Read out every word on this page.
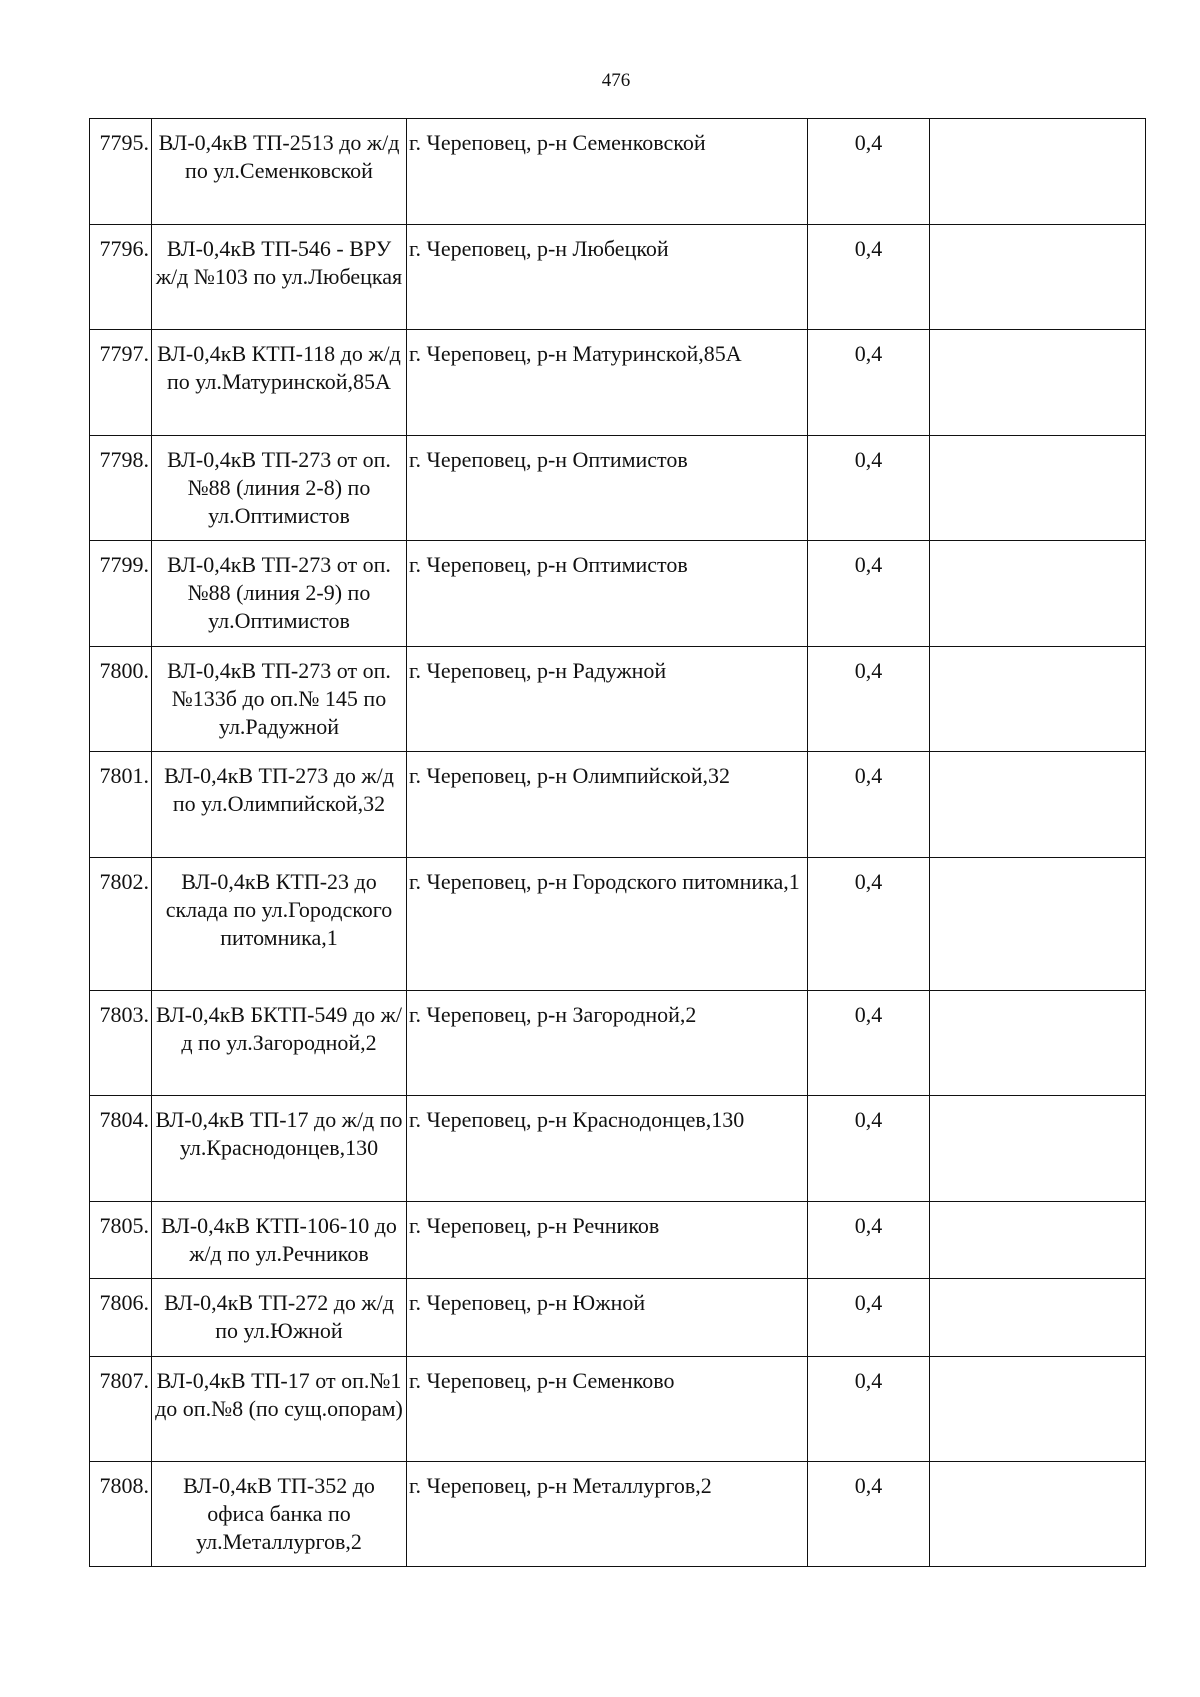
476
7795.	ВЛ-0,4кВ ТП-2513 до ж/д по ул.Семенковской	г. Череповец, р-н Семенковской	0,4	
7796.	ВЛ-0,4кВ ТП-546 - ВРУ ж/д №103 по ул.Любецкая	г. Череповец, р-н Любецкой	0,4	
7797.	ВЛ-0,4кВ КТП-118 до ж/д по ул.Матуринской,85А	г. Череповец, р-н Матуринской,85А	0,4	
7798.	ВЛ-0,4кВ ТП-273 от оп.№88 (линия 2-8) по ул.Оптимистов	г. Череповец, р-н Оптимистов	0,4	
7799.	ВЛ-0,4кВ ТП-273 от оп.№88 (линия 2-9) по ул.Оптимистов	г. Череповец, р-н Оптимистов	0,4	
7800.	ВЛ-0,4кВ ТП-273 от оп.№133б до оп.№ 145 по ул.Радужной	г. Череповец, р-н Радужной	0,4	
7801.	ВЛ-0,4кВ ТП-273 до ж/д по ул.Олимпийской,32	г. Череповец, р-н Олимпийской,32	0,4	
7802.	ВЛ-0,4кВ КТП-23 до склада по ул.Городского питомника,1	г. Череповец, р-н Городского питомника,1	0,4	
7803.	ВЛ-0,4кВ БКТП-549 до ж/д по ул.Загородной,2	г. Череповец, р-н Загородной,2	0,4	
7804.	ВЛ-0,4кВ ТП-17 до ж/д по ул.Краснодонцев,130	г. Череповец, р-н Краснодонцев,130	0,4	
7805.	ВЛ-0,4кВ КТП-106-10 до ж/д по ул.Речников	г. Череповец, р-н Речников	0,4	
7806.	ВЛ-0,4кВ ТП-272 до ж/д по ул.Южной	г. Череповец, р-н Южной	0,4	
7807.	ВЛ-0,4кВ ТП-17 от оп.№1 до оп.№8 (по сущ.опорам)	г. Череповец, р-н Семенково	0,4	
7808.	ВЛ-0,4кВ ТП-352 до офиса банка по ул.Металлургов,2	г. Череповец, р-н Металлургов,2	0,4	
